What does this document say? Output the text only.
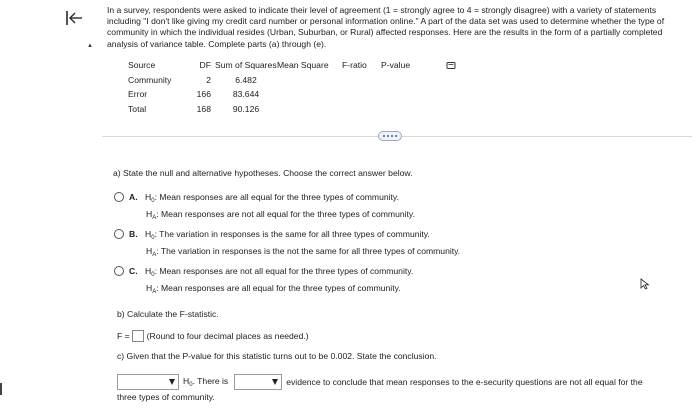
▲
In a survey, respondents were asked to indicate their level of agreement (1 = strongly agree to 4 = strongly disagree) with a variety of statements including "I don't like giving my credit card number or personal information online." A part of the data set was used to determine whether the type of community in which the individual resides (Urban, Suburban, or Rural) affected responses. Here are the results in the form of a partially completed analysis of variance table. Complete parts (a) through (e).
Source	DF	Sum of Squares	Mean Square	F-ratio	P-value
Community	2	6.482			
Error	166	83.644			
Total	168	90.126			
a) State the null and alternative hypotheses. Choose the correct answer below.
A. $H_0$: Mean responses are all equal for the three types of community.
$H_A$: Mean responses are not all equal for the three types of community.
B. $H_0$: The variation in responses is the same for all three types of community.
$H_A$: The variation in responses is the not the same for all three types of community.
C. $H_0$: Mean responses are not all equal for the three types of community.
$H_A$: Mean responses are all equal for the three types of community.
b) Calculate the F-statistic.
F = (Round to four decimal places as needed.)
c) Given that the P-value for this statistic turns out to be 0.002. State the conclusion.
$H_0$. There is	evidence to conclude that mean responses to the e-security questions are not all equal for the
three types of community.
